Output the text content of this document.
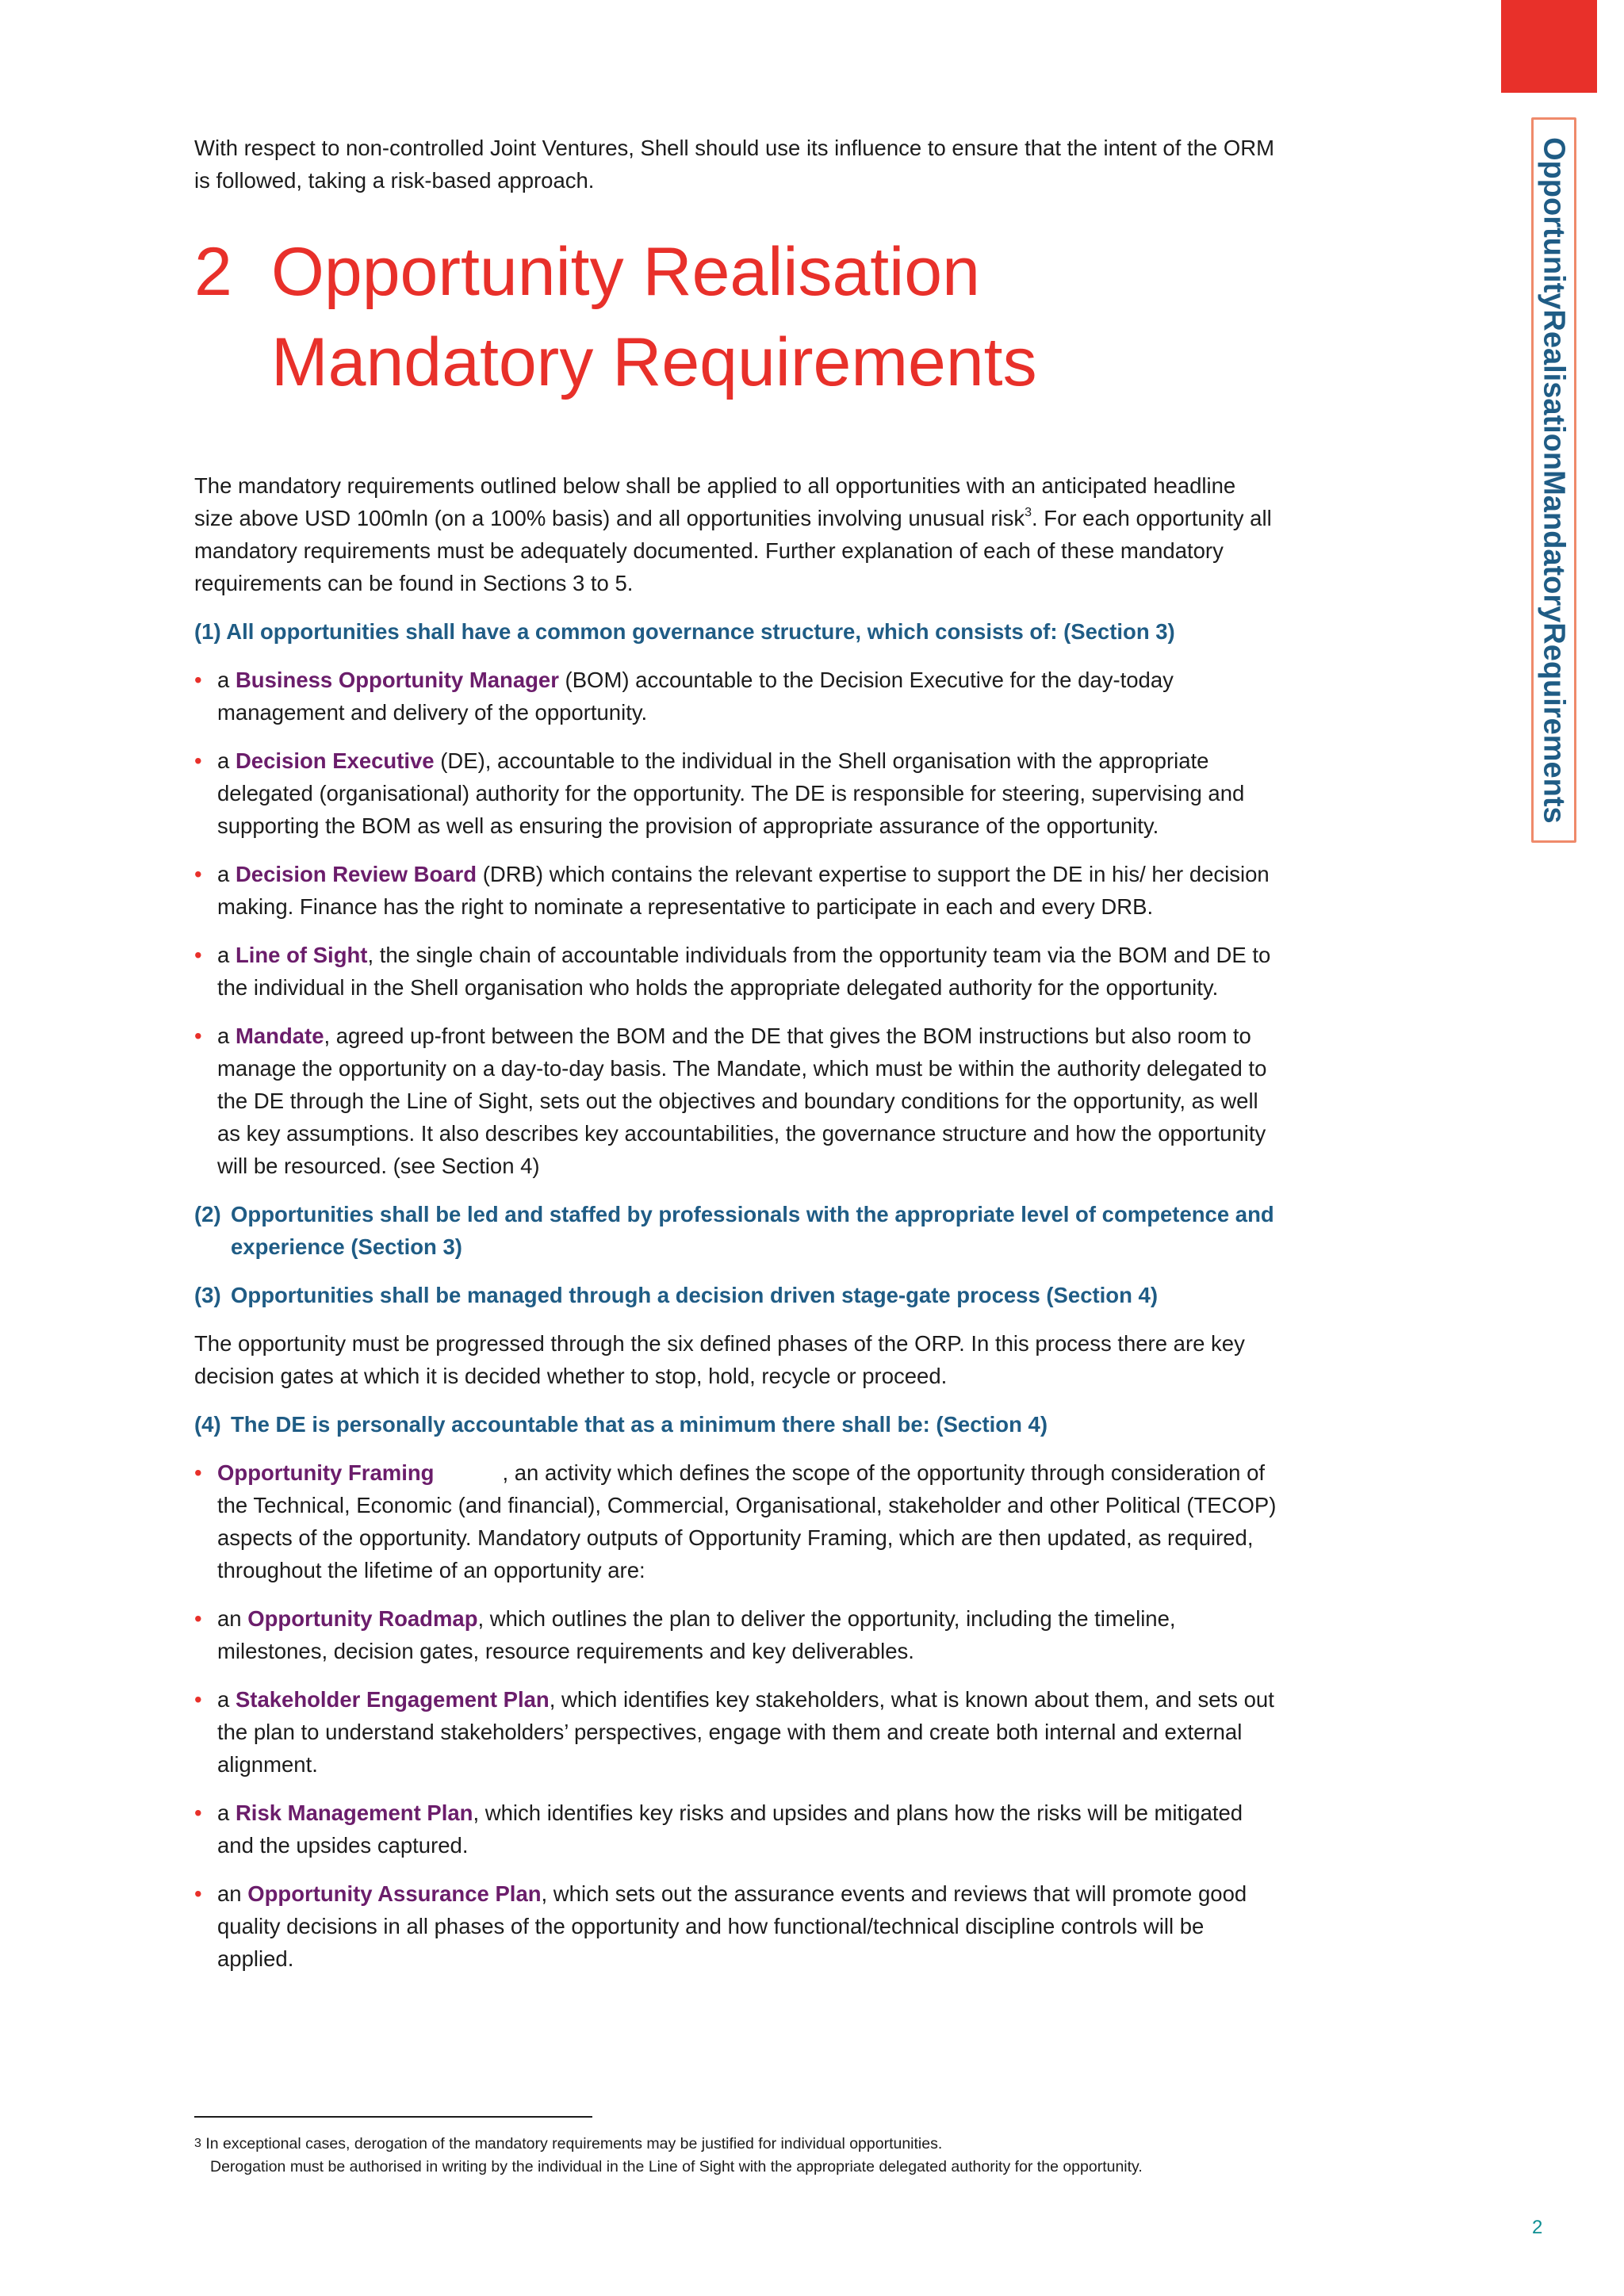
OpportunityRealisationMandatoryRequirements

With respect to non-controlled Joint Ventures, Shell should use its influence to ensure that the intent of the ORM is followed, taking a risk-based approach.

2 Opportunity Realisation
Mandatory Requirements

The mandatory requirements outlined below shall be applied to all opportunities with an anticipated headline size above USD 100mln (on a 100% basis) and all opportunities involving unusual risk$^3$. For each opportunity all mandatory requirements must be adequately documented. Further explanation of each of these mandatory requirements can be found in Sections 3 to 5.

(1) All opportunities shall have a common governance structure, which consists of: (Section 3)
• a Business Opportunity Manager (BOM) accountable to the Decision Executive for the day-today management and delivery of the opportunity.
• a Decision Executive (DE), accountable to the individual in the Shell organisation with the appropriate delegated (organisational) authority for the opportunity. The DE is responsible for steering, supervising and supporting the BOM as well as ensuring the provision of appropriate assurance of the opportunity.
• a Decision Review Board (DRB) which contains the relevant expertise to support the DE in his/ her decision making. Finance has the right to nominate a representative to participate in each and every DRB.
• a Line of Sight, the single chain of accountable individuals from the opportunity team via the BOM and DE to the individual in the Shell organisation who holds the appropriate delegated authority for the opportunity.
• a Mandate, agreed up-front between the BOM and the DE that gives the BOM instructions but also room to manage the opportunity on a day-to-day basis. The Mandate, which must be within the authority delegated to the DE through the Line of Sight, sets out the objectives and boundary conditions for the opportunity, as well as key assumptions. It also describes key accountabilities, the governance structure and how the opportunity will be resourced. (see Section 4)
(2) Opportunities shall be led and staffed by professionals with the appropriate level of competence and experience (Section 3)
(3) Opportunities shall be managed through a decision driven stage-gate process (Section 4)

The opportunity must be progressed through the six defined phases of the ORP. In this process there are key decision gates at which it is decided whether to stop, hold, recycle or proceed.

(4) The DE is personally accountable that as a minimum there shall be: (Section 4)
• Opportunity Framing	, an activity which defines the scope of the opportunity through consideration of the Technical, Economic (and financial), Commercial, Organisational, stakeholder and other Political (TECOP) aspects of the opportunity. Mandatory outputs of Opportunity Framing, which are then updated, as required, throughout the lifetime of an opportunity are:
• an Opportunity Roadmap, which outlines the plan to deliver the opportunity, including the timeline, milestones, decision gates, resource requirements and key deliverables.
• a Stakeholder Engagement Plan, which identifies key stakeholders, what is known about them, and sets out the plan to understand stakeholders’ perspectives, engage with them and create both internal and external alignment.
• a Risk Management Plan, which identifies key risks and upsides and plans how the risks will be mitigated and the upsides captured.
• an Opportunity Assurance Plan, which sets out the assurance events and reviews that will promote good quality decisions in all phases of the opportunity and how functional/technical discipline controls will be applied.
$^3$ In exceptional cases, derogation of the mandatory requirements may be justified for individual opportunities.
Derogation must be authorised in writing by the individual in the Line of Sight with the appropriate delegated authority for the opportunity.
2
